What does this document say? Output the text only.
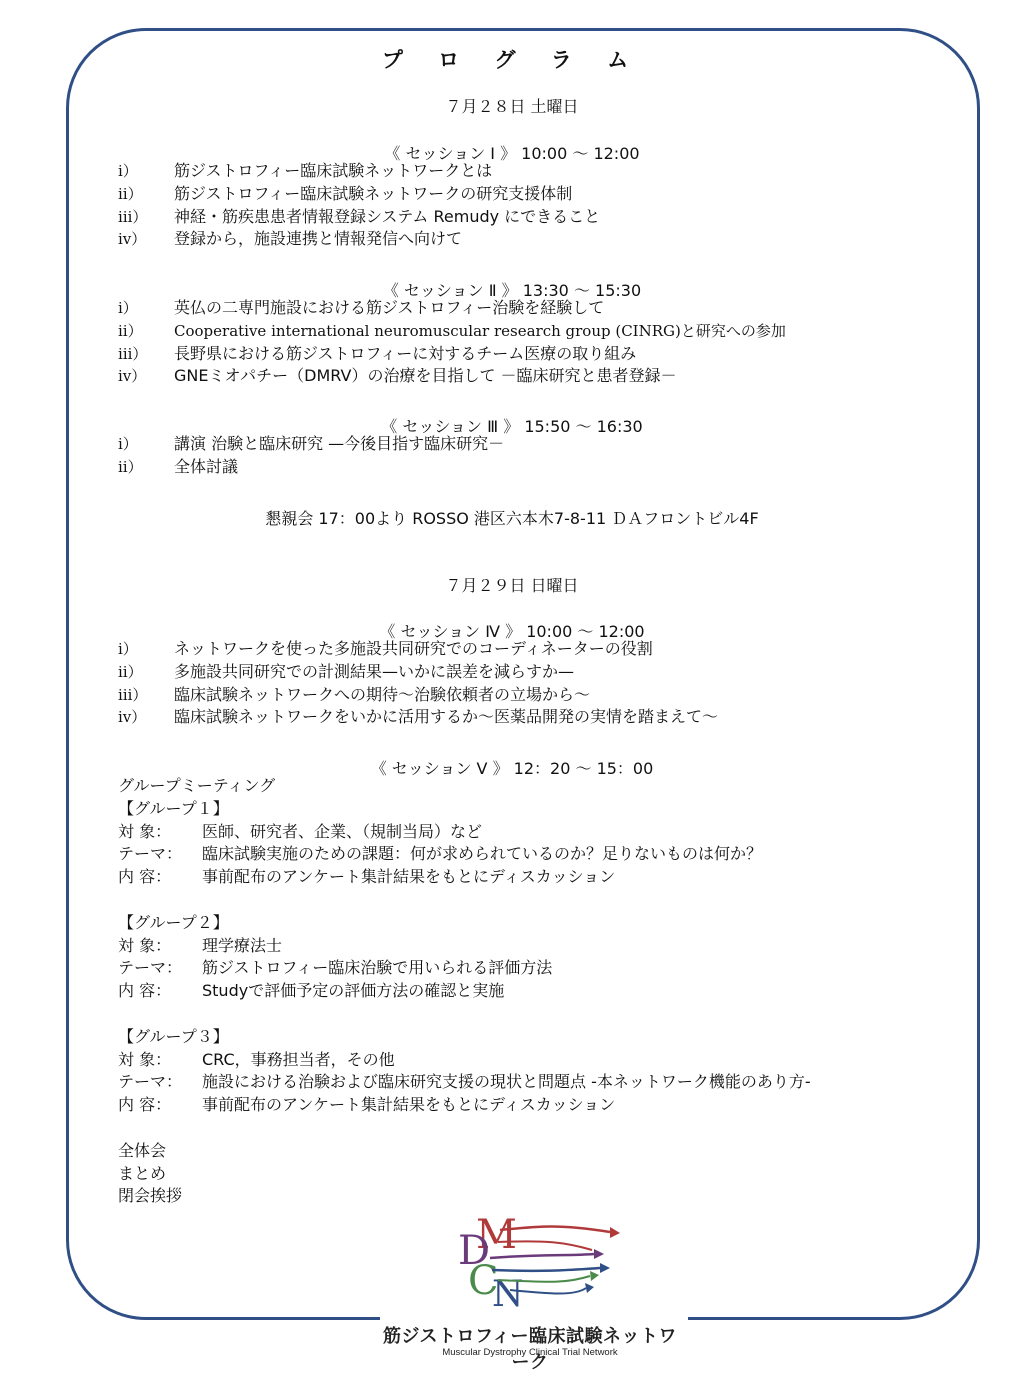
プ ロ グ ラ ム

７月２８日 土曜日

《 セッション Ⅰ 》 10:00 〜 12:00

ⅰ）	筋ジストロフィー臨床試験ネットワークとは
ⅱ）	筋ジストロフィー臨床試験ネットワークの研究支援体制
ⅲ）	神経・筋疾患患者情報登録システム Remudy にできること
ⅳ）	登録から，施設連携と情報発信へ向けて

《 セッション Ⅱ 》 13:30 〜 15:30

ⅰ）	英仏の二専門施設における筋ジストロフィー治験を経験して
ⅱ）	Cooperative international neuromuscular research group (CINRG)と研究への参加
ⅲ）	長野県における筋ジストロフィーに対するチーム医療の取り組み
ⅳ）	GNEミオパチー（DMRV）の治療を目指して －臨床研究と患者登録－

《 セッション Ⅲ 》 15:50 〜 16:30

ⅰ）	講演 治験と臨床研究 —今後目指す臨床研究－
ⅱ）	全体討議

懇親会 17：00より ROSSO 港区六本木7-8-11 ＤＡフロントビル4F

７月２９日 日曜日

《 セッション Ⅳ 》 10:00 〜 12:00

ⅰ）	ネットワークを使った多施設共同研究でのコーディネーターの役割
ⅱ）	多施設共同研究での計測結果—いかに誤差を減らすか—
ⅲ）	臨床試験ネットワークへの期待〜治験依頼者の立場から〜
ⅳ）	臨床試験ネットワークをいかに活用するか〜医薬品開発の実情を踏まえて〜

《 セッション Ⅴ 》 12：20 〜 15：00

グループミーティング
【グループ１】
対 象：	医師、研究者、企業、（規制当局）など
テーマ：	臨床試験実施のための課題：何が求められているのか？足りないものは何か？
内 容：	事前配布のアンケート集計結果をもとにディスカッション
【グループ２】
対 象：	理学療法士
テーマ：	筋ジストロフィー臨床治験で用いられる評価方法
内 容：	Studyで評価予定の評価方法の確認と実施
【グループ３】
対 象：	CRC，事務担当者，その他
テーマ：	施設における治験および臨床研究支援の現状と問題点 -本ネットワーク機能のあり方-
内 容：	事前配布のアンケート集計結果をもとにディスカッション
全体会
まとめ
閉会挨拶
M
D
C
N
筋ジストロフィー臨床試験ネットワーク
Muscular Dystrophy Clinical Trial Network
